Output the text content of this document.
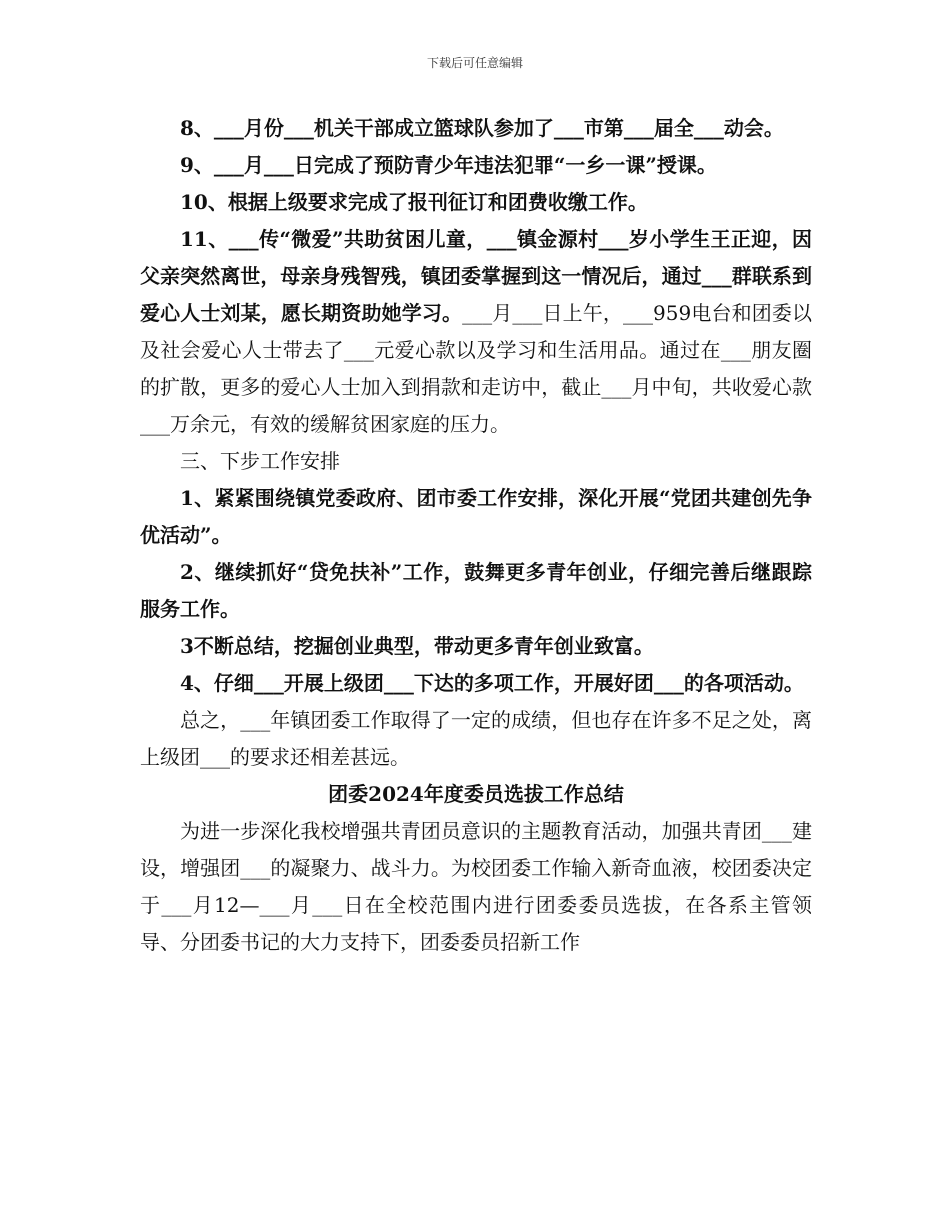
下载后可任意编辑

8、___月份___机关干部成立篮球队参加了___市第___届全___动会。

9、___月___日完成了预防青少年违法犯罪“一乡一课”授课。

10、根据上级要求完成了报刊征订和团费收缴工作。

11、___传“微爱”共助贫困儿童，___镇金源村___岁小学生王正迎，因父亲突然离世，母亲身残智残，镇团委掌握到这一情况后，通过___群联系到爱心人士刘某，愿长期资助她学习。___月___日上午，___959电台和团委以及社会爱心人士带去了___元爱心款以及学习和生活用品。通过在___朋友圈的扩散，更多的爱心人士加入到捐款和走访中，截止___月中旬，共收爱心款___万余元，有效的缓解贫困家庭的压力。

三、下步工作安排

1、紧紧围绕镇党委政府、团市委工作安排，深化开展“党团共建创先争优活动”。

2、继续抓好“贷免扶补”工作，鼓舞更多青年创业，仔细完善后继跟踪服务工作。

3不断总结，挖掘创业典型，带动更多青年创业致富。

4、仔细___开展上级团___下达的多项工作，开展好团___的各项活动。

总之，___年镇团委工作取得了一定的成绩，但也存在许多不足之处，离上级团___的要求还相差甚远。

团委2024年度委员选拔工作总结

为进一步深化我校增强共青团员意识的主题教育活动，加强共青团___建设，增强团___的凝聚力、战斗力。为校团委工作输入新奇血液，校团委决定于___月12—___月___日在全校范围内进行团委委员选拔，在各系主管领导、分团委书记的大力支持下，团委委员招新工作
